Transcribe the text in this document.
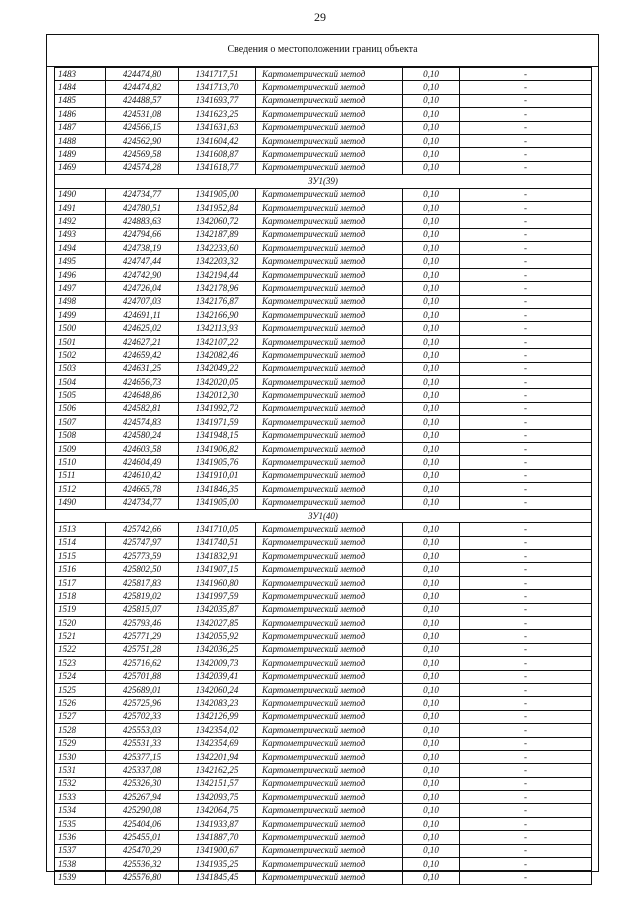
29
Сведения о местоположении границ объекта
1483	424474,80	1341717,51	Картометрический метод	0,10	-
1484	424474,82	1341713,70	Картометрический метод	0,10	-
1485	424488,57	1341693,77	Картометрический метод	0,10	-
1486	424531,08	1341623,25	Картометрический метод	0,10	-
1487	424566,15	1341631,63	Картометрический метод	0,10	-
1488	424562,90	1341604,42	Картометрический метод	0,10	-
1489	424569,58	1341608,87	Картометрический метод	0,10	-
1469	424574,28	1341618,77	Картометрический метод	0,10	-
ЗУ1(39)					
1490	424734,77	1341905,00	Картометрический метод	0,10	-
1491	424780,51	1341952,84	Картометрический метод	0,10	-
1492	424883,63	1342060,72	Картометрический метод	0,10	-
1493	424794,66	1342187,89	Картометрический метод	0,10	-
1494	424738,19	1342233,60	Картометрический метод	0,10	-
1495	424747,44	1342203,32	Картометрический метод	0,10	-
1496	424742,90	1342194,44	Картометрический метод	0,10	-
1497	424726,04	1342178,96	Картометрический метод	0,10	-
1498	424707,03	1342176,87	Картометрический метод	0,10	-
1499	424691,11	1342166,90	Картометрический метод	0,10	-
1500	424625,02	1342113,93	Картометрический метод	0,10	-
1501	424627,21	1342107,22	Картометрический метод	0,10	-
1502	424659,42	1342082,46	Картометрический метод	0,10	-
1503	424631,25	1342049,22	Картометрический метод	0,10	-
1504	424656,73	1342020,05	Картометрический метод	0,10	-
1505	424648,86	1342012,30	Картометрический метод	0,10	-
1506	424582,81	1341992,72	Картометрический метод	0,10	-
1507	424574,83	1341971,59	Картометрический метод	0,10	-
1508	424580,24	1341948,15	Картометрический метод	0,10	-
1509	424603,58	1341906,82	Картометрический метод	0,10	-
1510	424604,49	1341905,76	Картометрический метод	0,10	-
1511	424610,42	1341910,01	Картометрический метод	0,10	-
1512	424665,78	1341846,35	Картометрический метод	0,10	-
1490	424734,77	1341905,00	Картометрический метод	0,10	-
ЗУ1(40)					
1513	425742,66	1341710,05	Картометрический метод	0,10	-
1514	425747,97	1341740,51	Картометрический метод	0,10	-
1515	425773,59	1341832,91	Картометрический метод	0,10	-
1516	425802,50	1341907,15	Картометрический метод	0,10	-
1517	425817,83	1341960,80	Картометрический метод	0,10	-
1518	425819,02	1341997,59	Картометрический метод	0,10	-
1519	425815,07	1342035,87	Картометрический метод	0,10	-
1520	425793,46	1342027,85	Картометрический метод	0,10	-
1521	425771,29	1342055,92	Картометрический метод	0,10	-
1522	425751,28	1342036,25	Картометрический метод	0,10	-
1523	425716,62	1342009,73	Картометрический метод	0,10	-
1524	425701,88	1342039,41	Картометрический метод	0,10	-
1525	425689,01	1342060,24	Картометрический метод	0,10	-
1526	425725,96	1342083,23	Картометрический метод	0,10	-
1527	425702,33	1342126,99	Картометрический метод	0,10	-
1528	425553,03	1342354,02	Картометрический метод	0,10	-
1529	425531,33	1342354,69	Картометрический метод	0,10	-
1530	425377,15	1342201,94	Картометрический метод	0,10	-
1531	425337,08	1342162,25	Картометрический метод	0,10	-
1532	425326,30	1342151,57	Картометрический метод	0,10	-
1533	425267,94	1342093,75	Картометрический метод	0,10	-
1534	425290,08	1342064,75	Картометрический метод	0,10	-
1535	425404,06	1341933,87	Картометрический метод	0,10	-
1536	425455,01	1341887,70	Картометрический метод	0,10	-
1537	425470,29	1341900,67	Картометрический метод	0,10	-
1538	425536,32	1341935,25	Картометрический метод	0,10	-
1539	425576,80	1341845,45	Картометрический метод	0,10	-
